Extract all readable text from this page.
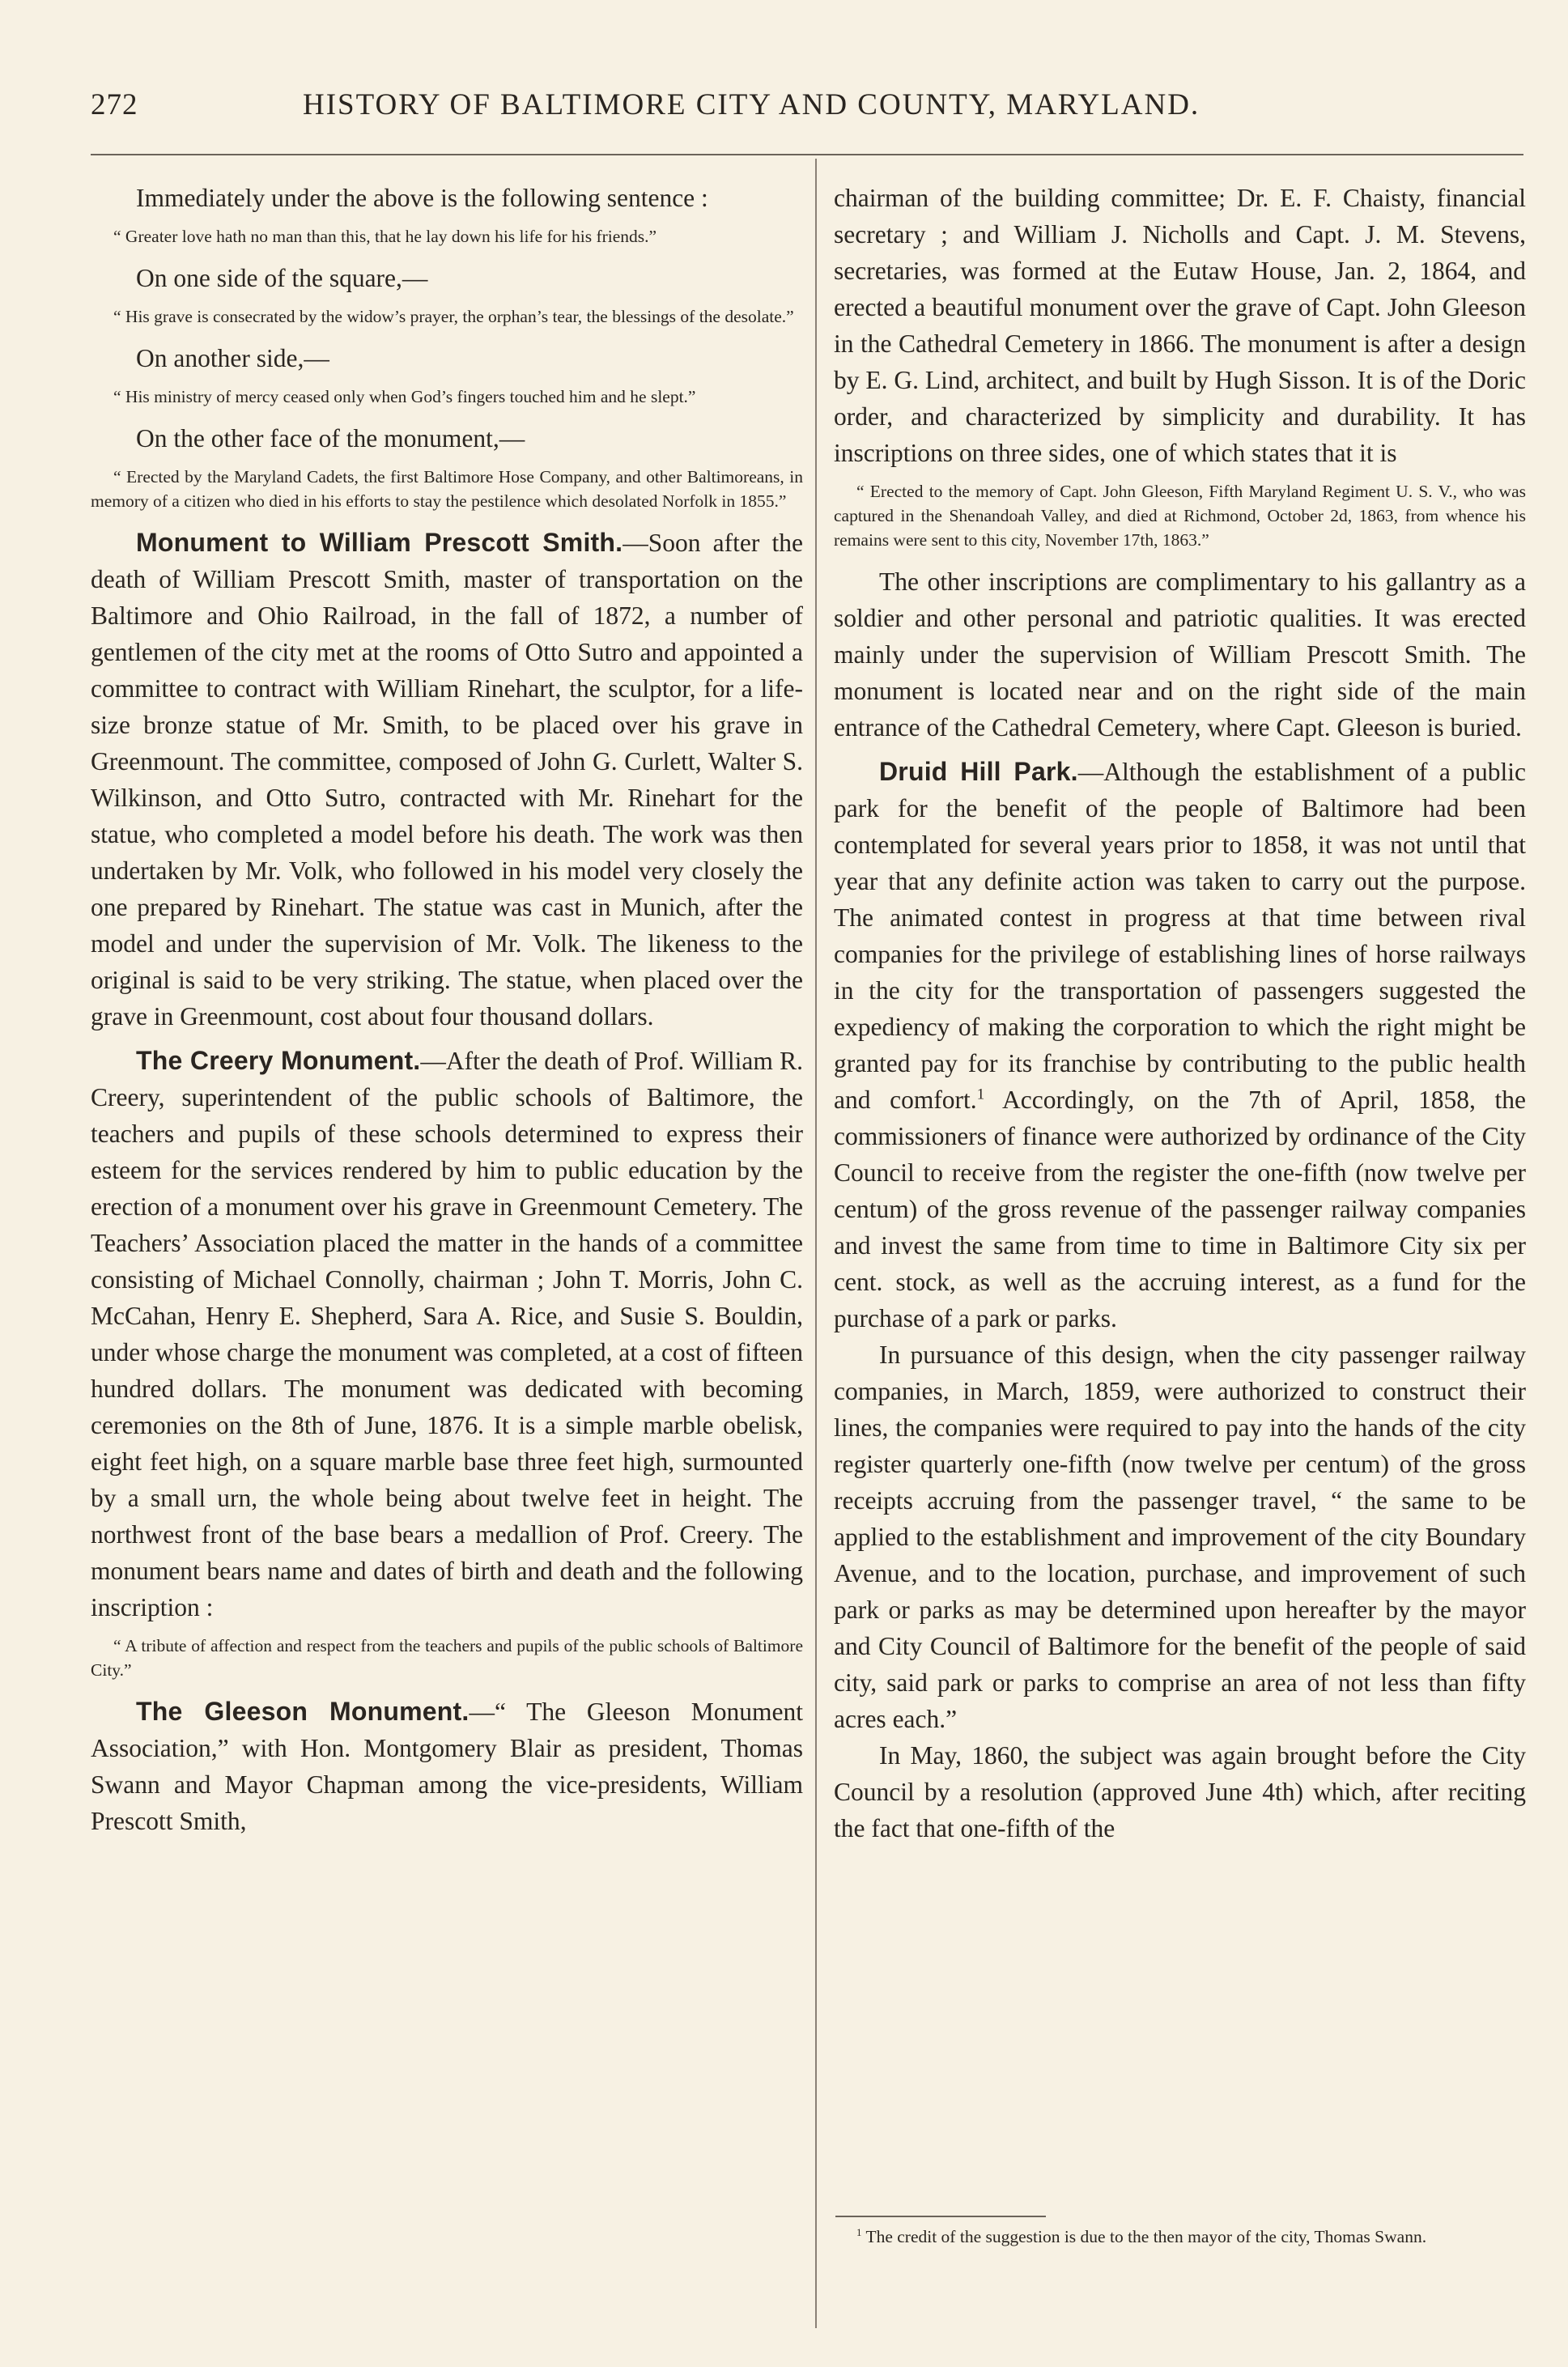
272	HISTORY OF BALTIMORE CITY AND COUNTY, MARYLAND.

Immediately under the above is the following sentence :

“ Greater love hath no man than this, that he lay down his life for his friends.”

On one side of the square,—

“ His grave is consecrated by the widow’s prayer, the orphan’s tear, the blessings of the desolate.”

On another side,—

“ His ministry of mercy ceased only when God’s fingers touched him and he slept.”

On the other face of the monument,—

“ Erected by the Maryland Cadets, the first Baltimore Hose Company, and other Baltimoreans, in memory of a citizen who died in his efforts to stay the pestilence which desolated Norfolk in 1855.”

Monument to William Prescott Smith.—Soon after the death of William Prescott Smith, master of transportation on the Baltimore and Ohio Railroad, in the fall of 1872, a number of gentlemen of the city met at the rooms of Otto Sutro and appointed a committee to contract with William Rinehart, the sculptor, for a life-size bronze statue of Mr. Smith, to be placed over his grave in Greenmount. The committee, composed of John G. Curlett, Walter S. Wilkinson, and Otto Sutro, contracted with Mr. Rinehart for the statue, who completed a model before his death. The work was then undertaken by Mr. Volk, who followed in his model very closely the one prepared by Rinehart. The statue was cast in Munich, after the model and under the supervision of Mr. Volk. The likeness to the original is said to be very striking. The statue, when placed over the grave in Greenmount, cost about four thousand dollars.

The Creery Monument.—After the death of Prof. William R. Creery, superintendent of the public schools of Baltimore, the teachers and pupils of these schools determined to express their esteem for the services rendered by him to public education by the erection of a monument over his grave in Greenmount Cemetery. The Teachers’ Association placed the matter in the hands of a committee consisting of Michael Connolly, chairman ; John T. Morris, John C. McCahan, Henry E. Shepherd, Sara A. Rice, and Susie S. Bouldin, under whose charge the monument was completed, at a cost of fifteen hundred dollars. The monument was dedicated with becoming ceremonies on the 8th of June, 1876. It is a simple marble obelisk, eight feet high, on a square marble base three feet high, surmounted by a small urn, the whole being about twelve feet in height. The northwest front of the base bears a medallion of Prof. Creery. The monument bears name and dates of birth and death and the following inscription :

“ A tribute of affection and respect from the teachers and pupils of the public schools of Baltimore City.”

The Gleeson Monument.—“ The Gleeson Monument Association,” with Hon. Montgomery Blair as president, Thomas Swann and Mayor Chapman among the vice-presidents, William Prescott Smith,

chairman of the building committee; Dr. E. F. Chaisty, financial secretary ; and William J. Nicholls and Capt. J. M. Stevens, secretaries, was formed at the Eutaw House, Jan. 2, 1864, and erected a beautiful monument over the grave of Capt. John Gleeson in the Cathedral Cemetery in 1866. The monument is after a design by E. G. Lind, architect, and built by Hugh Sisson. It is of the Doric order, and characterized by simplicity and durability. It has inscriptions on three sides, one of which states that it is

“ Erected to the memory of Capt. John Gleeson, Fifth Maryland Regiment U. S. V., who was captured in the Shenandoah Valley, and died at Richmond, October 2d, 1863, from whence his remains were sent to this city, November 17th, 1863.”

The other inscriptions are complimentary to his gallantry as a soldier and other personal and patriotic qualities. It was erected mainly under the supervision of William Prescott Smith. The monument is located near and on the right side of the main entrance of the Cathedral Cemetery, where Capt. Gleeson is buried.

Druid Hill Park.—Although the establishment of a public park for the benefit of the people of Baltimore had been contemplated for several years prior to 1858, it was not until that year that any definite action was taken to carry out the purpose. The animated contest in progress at that time between rival companies for the privilege of establishing lines of horse railways in the city for the transportation of passengers suggested the expediency of making the corporation to which the right might be granted pay for its franchise by contributing to the public health and comfort.$^1$ Accordingly, on the 7th of April, 1858, the commissioners of finance were authorized by ordinance of the City Council to receive from the register the one-fifth (now twelve per centum) of the gross revenue of the passenger railway companies and invest the same from time to time in Baltimore City six per cent. stock, as well as the accruing interest, as a fund for the purchase of a park or parks.

In pursuance of this design, when the city passenger railway companies, in March, 1859, were authorized to construct their lines, the companies were required to pay into the hands of the city register quarterly one-fifth (now twelve per centum) of the gross receipts accruing from the passenger travel, “ the same to be applied to the establishment and improvement of the city Boundary Avenue, and to the location, purchase, and improvement of such park or parks as may be determined upon hereafter by the mayor and City Council of Baltimore for the benefit of the people of said city, said park or parks to comprise an area of not less than fifty acres each.”

In May, 1860, the subject was again brought before the City Council by a resolution (approved June 4th) which, after reciting the fact that one-fifth of the

$^1$ The credit of the suggestion is due to the then mayor of the city, Thomas Swann.
